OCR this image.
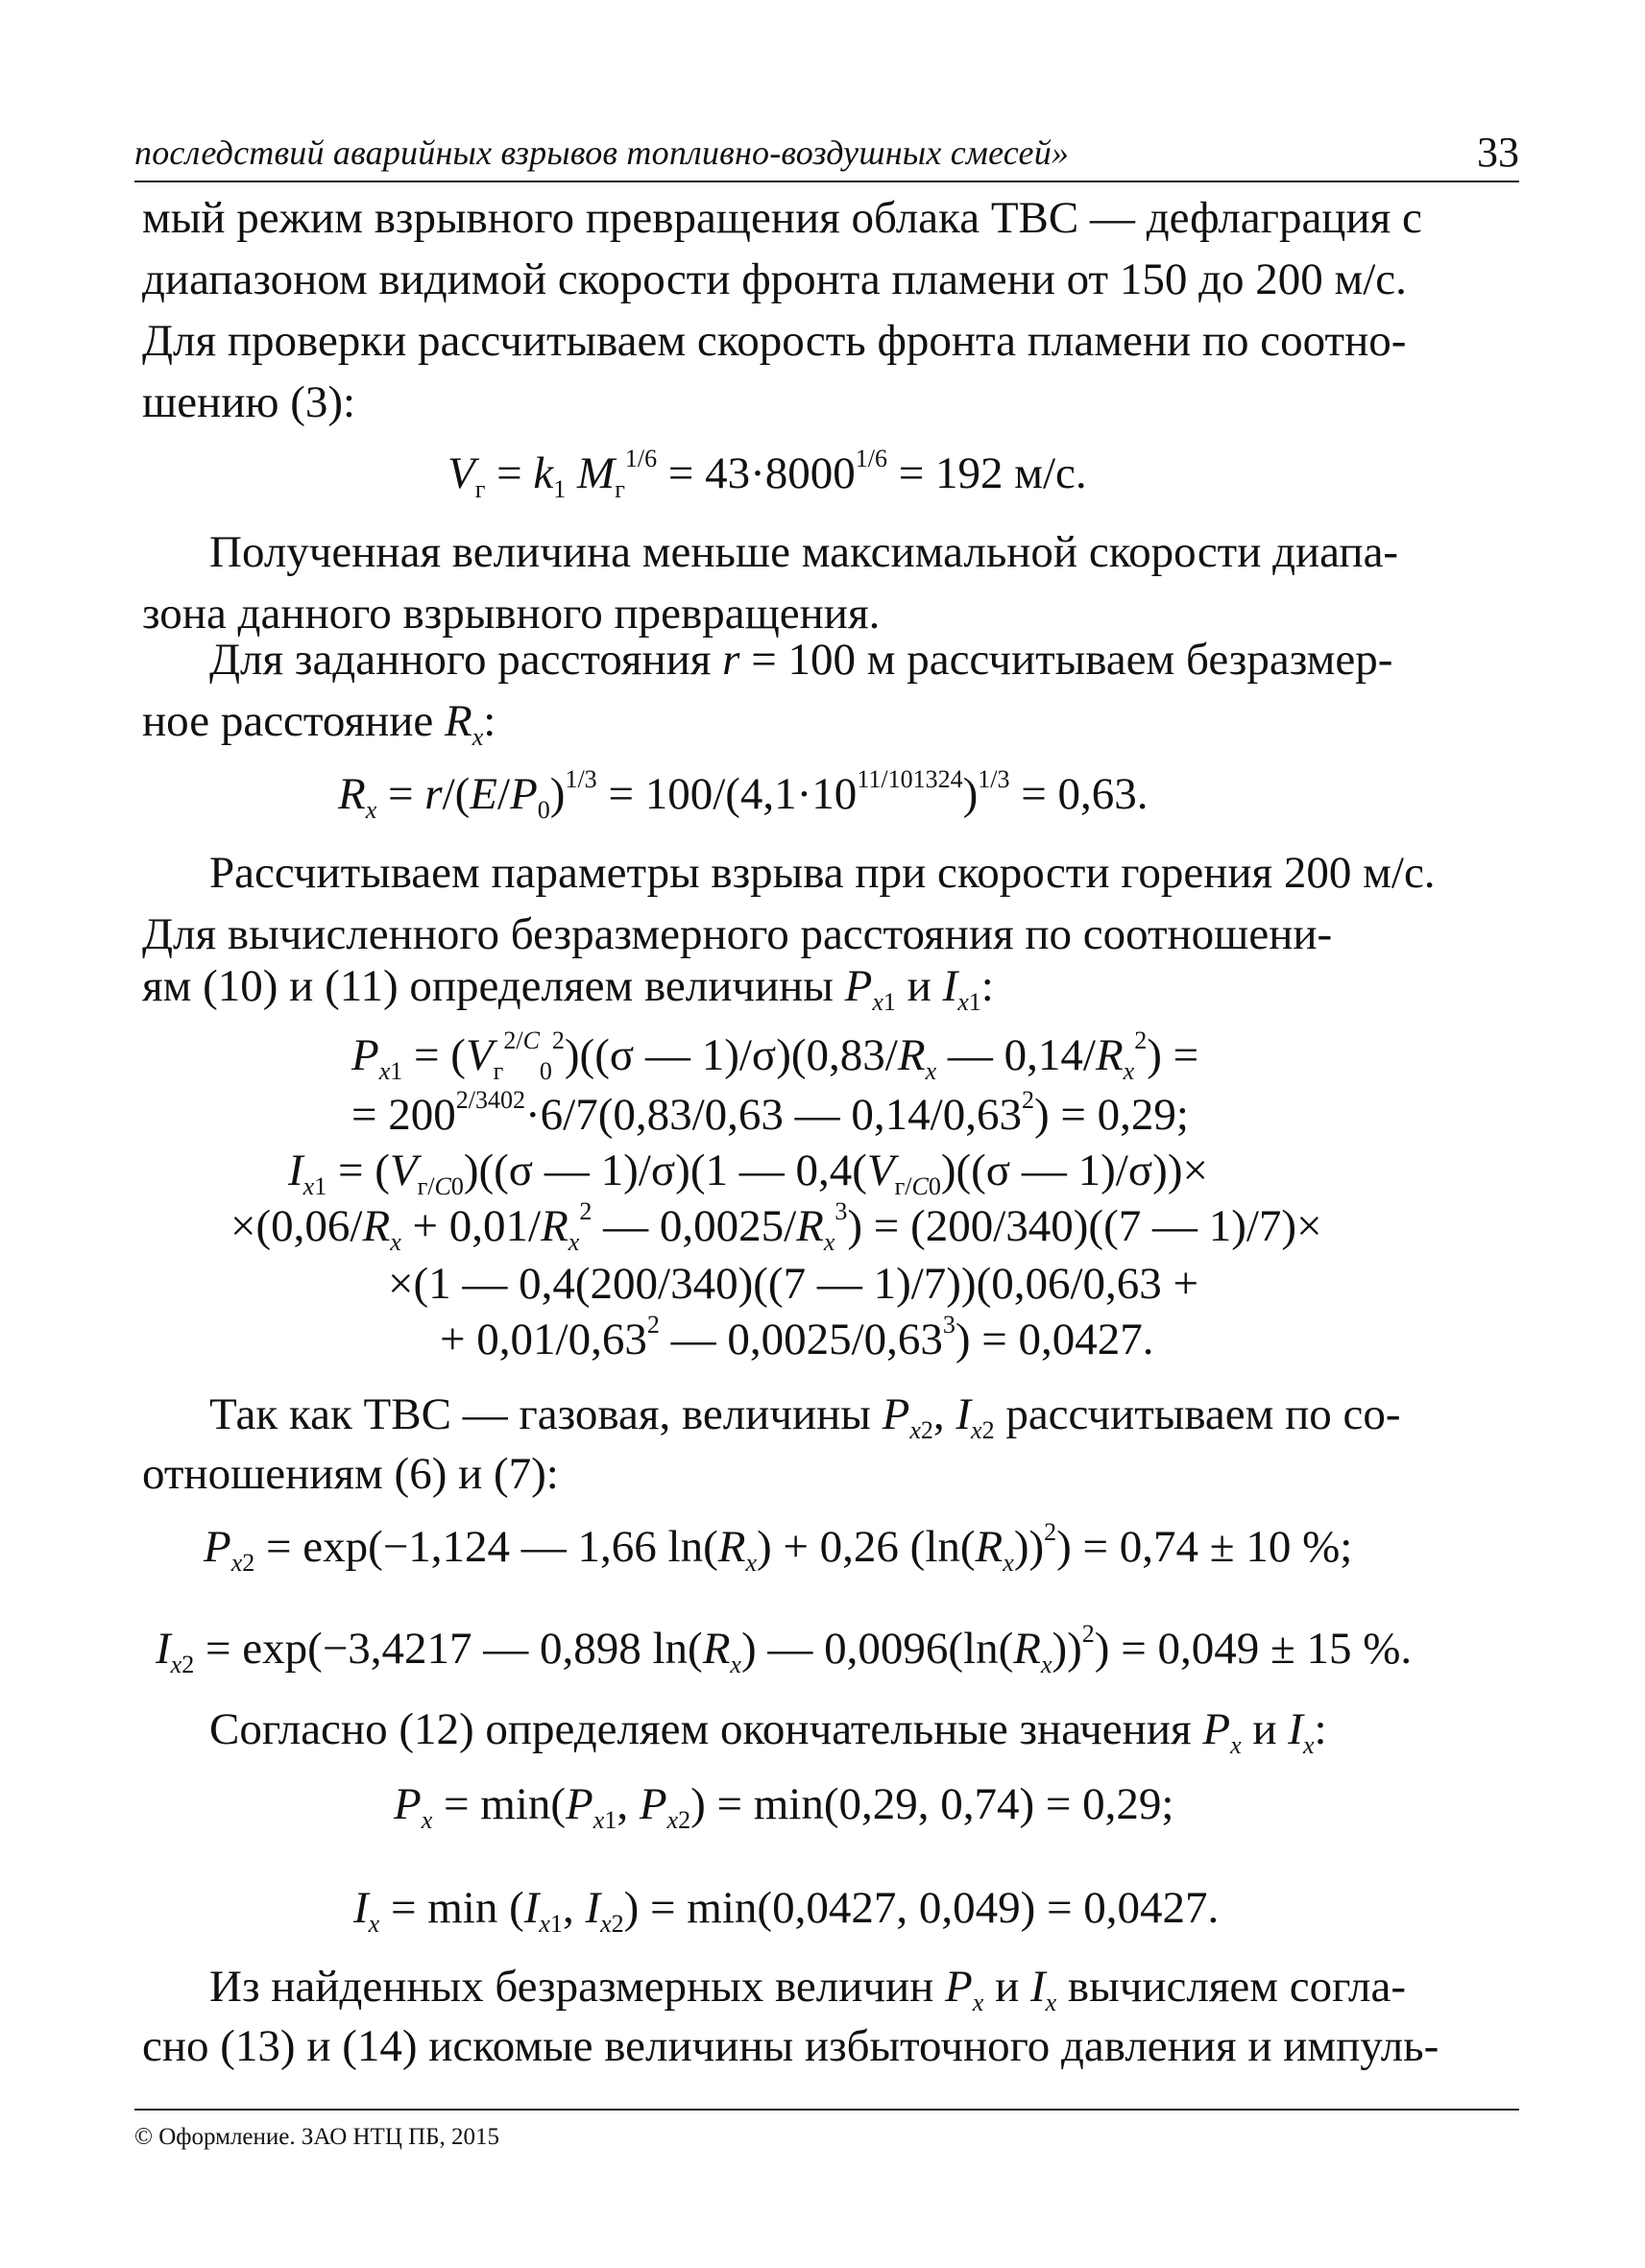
последствий аварийных взрывов топливно-воздушных смесей»	33
мый режим взрывного превращения облака ТВС — дефлаграция с
диапазоном видимой скорости фронта пламени от 150 до 200 м/с.
Для проверки рассчитываем скорость фронта пламени по соотно-
шению (3):
$V_г = k_1$ $M_г^{1/6} = 43\cdot 8000^{1/6} = 192$ м/с.
Полученная величина меньше максимальной скорости диапа-
зона данного взрывного превращения.
Для заданного расстояния r = 100 м рассчитываем безразмер-
ное расстояние $R_x$:
$R_x = r/(E/P_0)^{1/3} = 100/(4,1\cdot 10^{11/101324})^{1/3} = 0,63$.
Рассчитываем параметры взрыва при скорости горения 200 м/с.
Для вычисленного безразмерного расстояния по соотношени-
ям (10) и (11) определяем величины $P_{x1}$ и $I_{x1}$:
$P_{x1} = (V_г^{2/C}_0^2)((\sigma$ — $1)/\sigma)(0,83/R_x$ — $0,14/R_x^2$) =
= $200^{2/3402}\cdot 6/7(0,83/0,63$ — $0,14/0,63^2) = 0,29$;
$I_{x1} = (V_{г/C0})((\sigma$ — 1)/σ)(1 — $0,4(V_{г/C0})((\sigma$ — 1)/σ))×
$\times(0,06/R_x + 0,01/R_x^2$ — $0,0025/R_x^3) = (200/340)((7$ — 1)/7)×
×(1 — 0,4(200/340)((7 — 1)/7))(0,06/0,63 +
+ $0,01/0,63^2$ — $0,0025/0,63^3) = 0,0427$.
Так как ТВС — газовая, величины $P_{x2}$, $I_{x2}$ рассчитываем по со-
отношениям (6) и (7):
$P_{x2} = \exp(-1,124$ — 1,66 $\ln(R_x) + 0,26$ $(\ln(R_x))^2) = 0,74 \pm 10$ %;
$I_{x2} = \exp(-3,4217$ — 0,898 $\ln(R_x)$ — $0,0096(\ln(R_x))^2) = 0,049 \pm 15$ %.
Согласно (12) определяем окончательные значения $P_x$ и $I_x$:
$P_x = \min(P_{x1}$, $P_{x2}) = \min(0,29$, 0,74) = 0,29;
$I_x = \min (I_{x1}$, $I_{x2}) = \min(0,0427$, 0,049) = 0,0427.
Из найденных безразмерных величин $P_x$ и $I_x$ вычисляем согла-
сно (13) и (14) искомые величины избыточного давления и импуль-
© Оформление. ЗАО НТЦ ПБ, 2015
